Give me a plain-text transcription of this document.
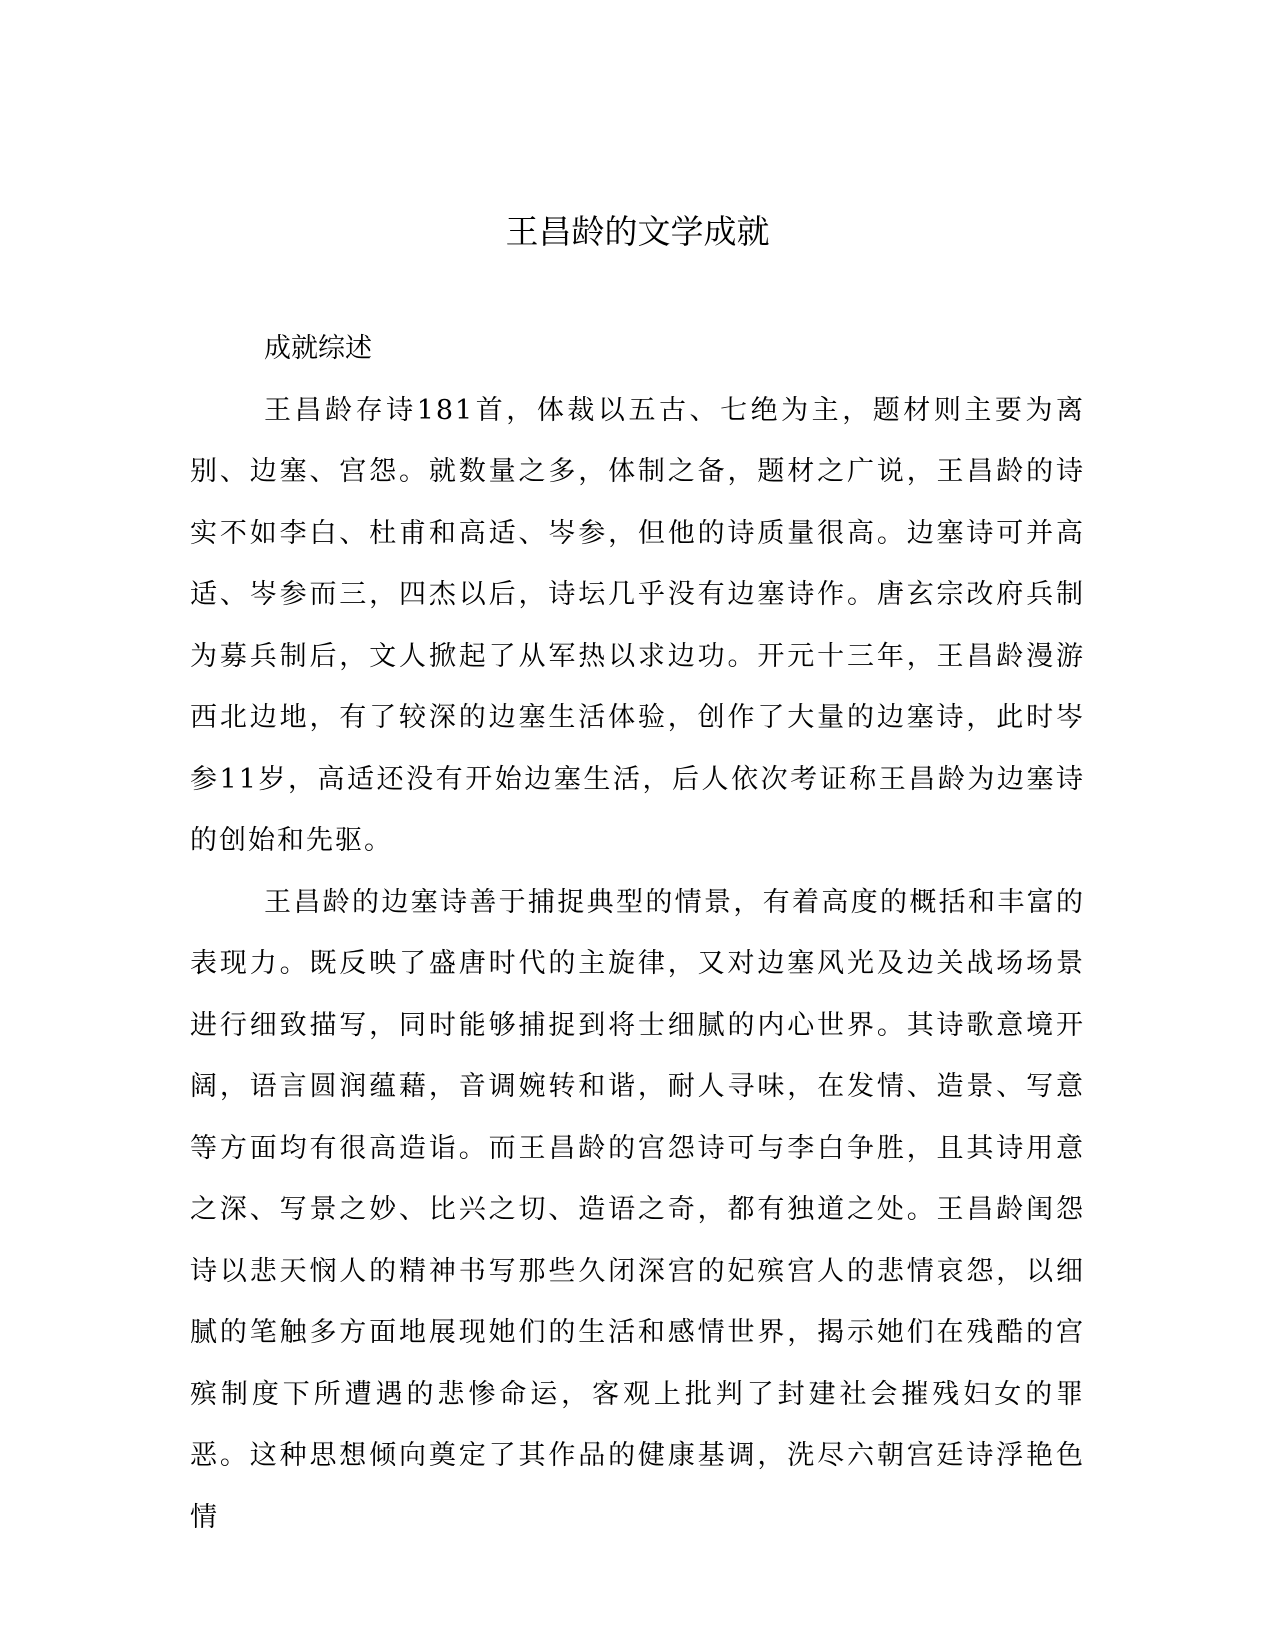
王昌龄的文学成就

成就综述

王昌龄存诗181首，体裁以五古、七绝为主，题材则主要为离别、边塞、宫怨。就数量之多，体制之备，题材之广说，王昌龄的诗实不如李白、杜甫和高适、岑参，但他的诗质量很高。边塞诗可并高适、岑参而三，四杰以后，诗坛几乎没有边塞诗作。唐玄宗改府兵制为募兵制后，文人掀起了从军热以求边功。开元十三年，王昌龄漫游西北边地，有了较深的边塞生活体验，创作了大量的边塞诗，此时岑参11岁，高适还没有开始边塞生活，后人依次考证称王昌龄为边塞诗的创始和先驱。

王昌龄的边塞诗善于捕捉典型的情景，有着高度的概括和丰富的表现力。既反映了盛唐时代的主旋律，又对边塞风光及边关战场场景进行细致描写，同时能够捕捉到将士细腻的内心世界。其诗歌意境开阔，语言圆润蕴藉，音调婉转和谐，耐人寻味，在发情、造景、写意等方面均有很高造诣。而王昌龄的宫怨诗可与李白争胜，且其诗用意之深、写景之妙、比兴之切、造语之奇，都有独道之处。王昌龄闺怨诗以悲天悯人的精神书写那些久闭深宫的妃殡宫人的悲情哀怨，以细腻的笔触多方面地展现她们的生活和感情世界，揭示她们在残酷的宫殡制度下所遭遇的悲惨命运，客观上批判了封建社会摧残妇女的罪恶。这种思想倾向奠定了其作品的健康基调，洗尽六朝宫廷诗浮艳色情
